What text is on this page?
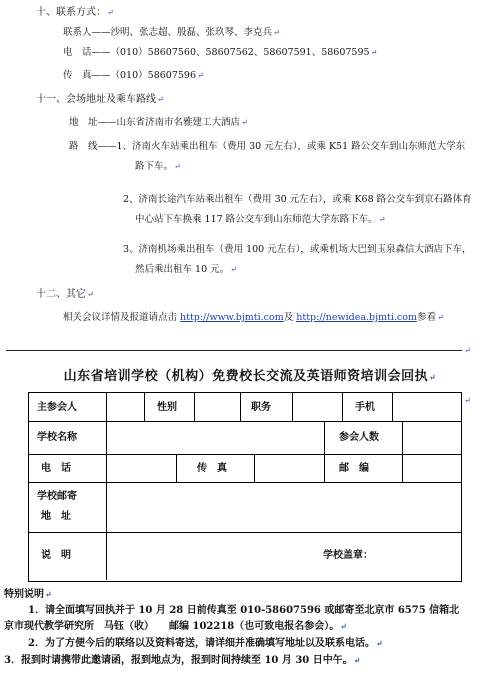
十、联系方式：↵
联系人——沙明、张志超、殷磊、张玖琴、李克兵↵
电　话——（010）58607560、58607562、58607591、58607595↵
传　真——（010）58607596↵
十一、会场地址及乘车路线↵
地　址——山东省济南市名雅建工大酒店↵
路　线——1、济南火车站乘出租车（费用 30 元左右），或乘 K51 路公交车到山东师范大学东
路下车。↵
2、济南长途汽车站乘出租车（费用 30 元左右），或乘 K68 路公交车到京石路体育
中心站下车换乘 117 路公交车到山东师范大学东路下车。↵
3、济南机场乘出租车（费用 100 元左右），或乘机场大巴到玉泉森信大酒店下车，
然后乘出租车 10 元。↵
十二、其它↵
相关会议详情及报道请点击 http://www.bjmti.com及 http://newidea.bjmti.com参看↵
↵
山东省培训学校（机构）免费校长交流及英语师资培训会回执↵
主参会人	性别	职务	手机
学校名称	参会人数
电　话	传　真	邮　编
学校邮寄
地　址
说　明	学校盖章：
↵
特别说明↵
1．请全面填写回执并于 10 月 28 日前传真至 010-58607596 或邮寄至北京市 6575 信箱北
京市现代教学研究所　马钰（收）　　邮编 102218（也可致电报名参会）。↵
2．为了方便今后的联络以及资料寄送，请详细并准确填写地址以及联系电话。↵
3．报到时请携带此邀请函，报到地点为，报到时间持续至 10 月 30 日中午。↵
